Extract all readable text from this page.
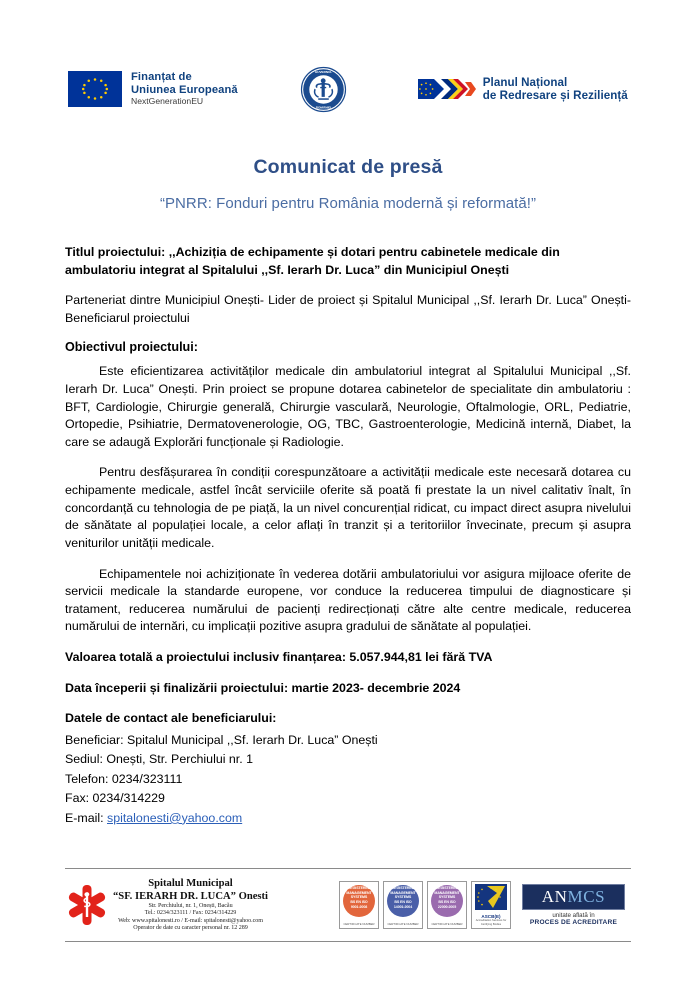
Finanțat de
Uniunea Europeană
NextGenerationEU
GUVERNUL
ROMÂNIEI
Planul Național
de Redresare și Reziliență
Comunicat de presă
“PNRR: Fonduri pentru România modernă și reformată!”

Titlul proiectului: ,,Achiziția de echipamente și dotari pentru cabinetele medicale din ambulatoriu integrat al Spitalului ,,Sf. Ierarh Dr. Luca” din Municipiul Onești

Parteneriat dintre Municipiul Onești- Lider de proiect și Spitalul Municipal ,,Sf. Ierarh Dr. Luca” Onești- Beneficiarul proiectului

Obiectivul proiectului:

Este eficientizarea activităților medicale din ambulatoriul integrat al Spitalului Municipal ,,Sf. Ierarh Dr. Luca” Onești. Prin proiect se propune dotarea cabinetelor de specialitate din ambulatoriu : BFT, Cardiologie, Chirurgie generală, Chirurgie vasculară, Neurologie, Oftalmologie, ORL, Pediatrie, Ortopedie, Psihiatrie, Dermatovenerologie, OG, TBC, Gastroenterologie, Medicină internă, Diabet, la care se adaugă Explorări funcționale și Radiologie.

Pentru desfășurarea în condiții corespunzătoare a activității medicale este necesară dotarea cu echipamente medicale, astfel încât serviciile oferite să poată fi prestate la un nivel calitativ înalt, în concordanță cu tehnologia de pe piață, la un nivel concurențial ridicat, cu impact direct asupra nivelului de sănătate al populației locale, a celor aflați în tranzit și a teritoriilor învecinate, precum și asupra veniturilor unității medicale.

Echipamentele noi achiziționate în vederea dotării ambulatoriului vor asigura mijloace oferite de servicii medicale la standarde europene, vor conduce la reducerea timpului de diagnosticare și tratament, reducerea numărului de pacienți redirecționați către alte centre medicale, reducerea numărului de internări, cu implicații pozitive asupra gradului de sănătate al populației.

Valoarea totală a proiectului inclusiv finanțarea: 5.057.944,81 lei fără TVA

Data începerii și finalizării proiectului: martie 2023- decembrie 2024

Datele de contact ale beneficiarului:

Beneficiar: Spitalul Municipal ,,Sf. Ierarh Dr. Luca” Onești

Sediul: Onești, Str. Perchiului nr. 1

Telefon: 0234/323111

Fax: 0234/314229

E-mail: spitalonesti@yahoo.com

Spitalul Municipal
“SF. IERARH DR. LUCA” Onesti
Str. Perchiului, nr. 1, Onești, Bacău
Tel.: 0234/323111 / Fax: 0234/314229
Web: www.spitalonesti.ro / E-mail: spitalonesti@yahoo.com
Operator de date cu caracter personal nr. 12 289
REGISTERED
MANAGEMENT
SYSTEMS
BS EN ISO
9001:2008
CERTIFICATE NUMBER
REGISTERED
MANAGEMENT
SYSTEMS
BS EN ISO
14001:2004
CERTIFICATE NUMBER
REGISTERED
MANAGEMENT
SYSTEMS
BS EN ISO
22000:2005
CERTIFICATE NUMBER
ASCB(E)
Accreditation Services for Certifying Bodies
ANMCS
unitate aflată în
PROCES DE ACREDITARE
